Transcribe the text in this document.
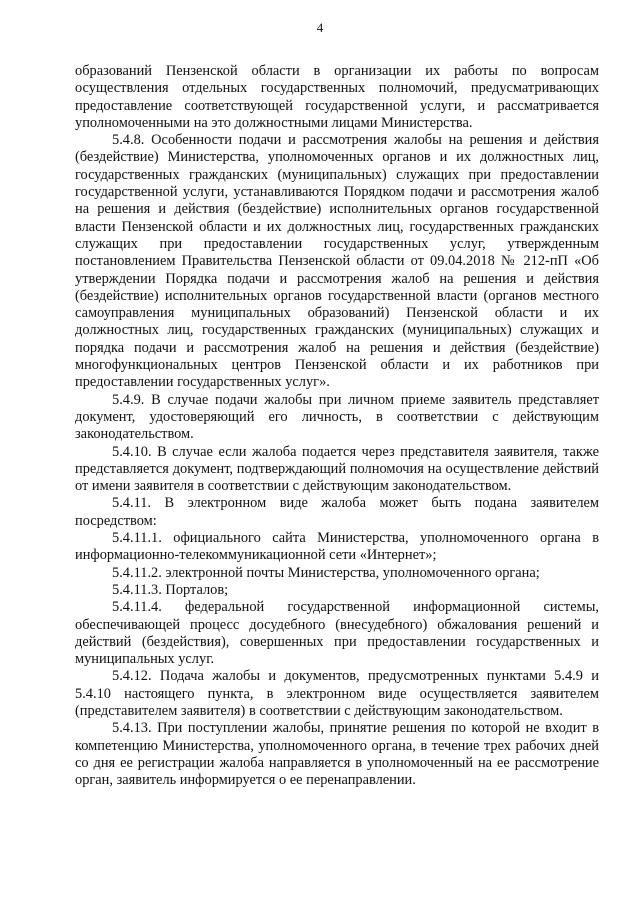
4

образований Пензенской области в организации их работы по вопросам осуществления отдельных государственных полномочий, предусматривающих предоставление соответствующей государственной услуги, и рассматривается уполномоченными на это должностными лицами Министерства.

5.4.8. Особенности подачи и рассмотрения жалобы на решения и действия (бездействие) Министерства, уполномоченных органов и их должностных лиц, государственных гражданских (муниципальных) служащих при предоставлении государственной услуги, устанавливаются Порядком подачи и рассмотрения жалоб на решения и действия (бездействие) исполнительных органов государственной власти Пензенской области и их должностных лиц, государственных гражданских служащих при предоставлении государственных услуг, утвержденным постановлением Правительства Пензенской области от 09.04.2018 № 212-пП «Об утверждении Порядка подачи и рассмотрения жалоб на решения и действия (бездействие) исполнительных органов государственной власти (органов местного самоуправления муниципальных образований) Пензенской области и их должностных лиц, государственных гражданских (муниципальных) служащих и порядка подачи и рассмотрения жалоб на решения и действия (бездействие) многофункциональных центров Пензенской области и их работников при предоставлении государственных услуг».

5.4.9. В случае подачи жалобы при личном приеме заявитель представляет документ, удостоверяющий его личность, в соответствии с действующим законодательством.

5.4.10. В случае если жалоба подается через представителя заявителя, также представляется документ, подтверждающий полномочия на осуществление действий от имени заявителя в соответствии с действующим законодательством.

5.4.11. В электронном виде жалоба может быть подана заявителем посредством:

5.4.11.1. официального сайта Министерства, уполномоченного органа в информационно-телекоммуникационной сети «Интернет»;

5.4.11.2. электронной почты Министерства, уполномоченного органа;

5.4.11.3. Порталов;

5.4.11.4. федеральной государственной информационной системы, обеспечивающей процесс досудебного (внесудебного) обжалования решений и действий (бездействия), совершенных при предоставлении государственных и муниципальных услуг.

5.4.12. Подача жалобы и документов, предусмотренных пунктами 5.4.9 и 5.4.10 настоящего пункта, в электронном виде осуществляется заявителем (представителем заявителя) в соответствии с действующим законодательством.

5.4.13. При поступлении жалобы, принятие решения по которой не входит в компетенцию Министерства, уполномоченного органа, в течение трех рабочих дней со дня ее регистрации жалоба направляется в уполномоченный на ее рассмотрение орган, заявитель информируется о ее перенаправлении.
